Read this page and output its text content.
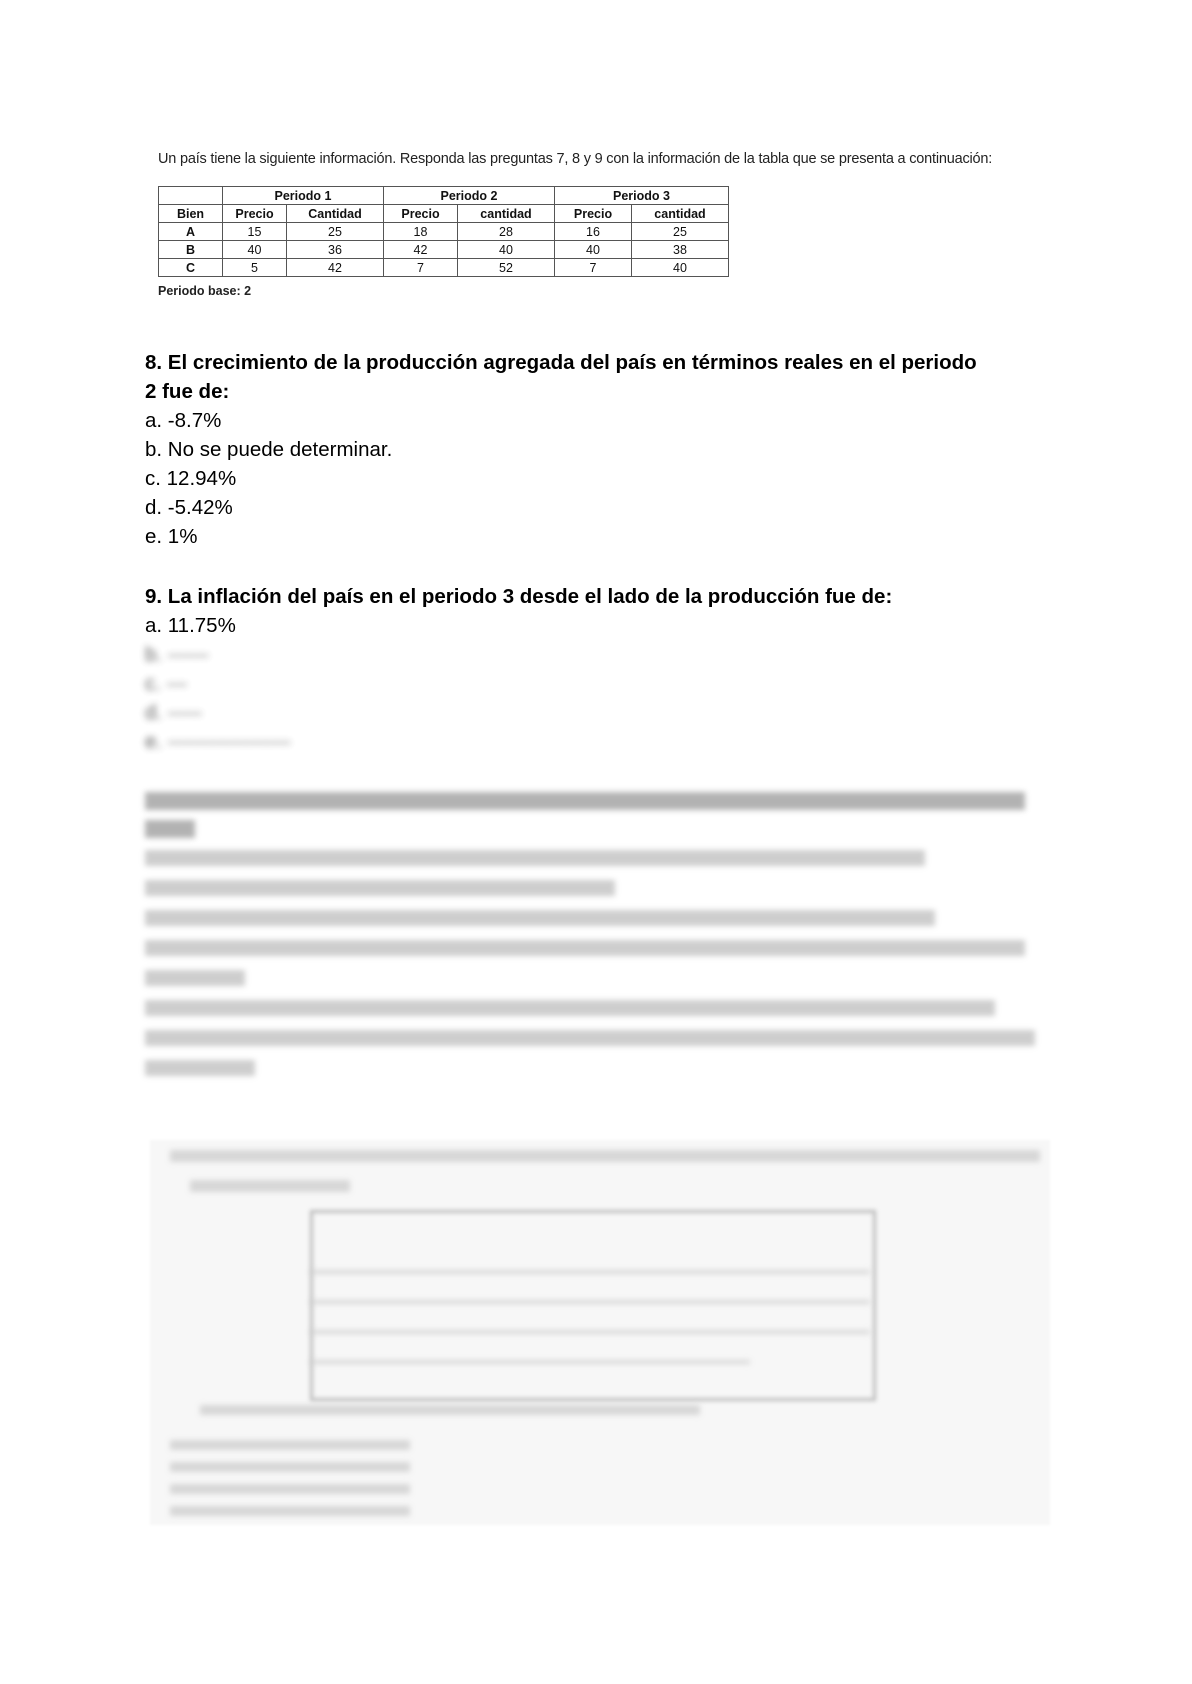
Un país tiene la siguiente información. Responda las preguntas 7, 8 y 9 con la información de la tabla que se presenta a continuación:
	Periodo 1		Periodo 2		Periodo 3	
Bien	Precio	Cantidad	Precio	cantidad	Precio	cantidad
A	15	25	18	28	16	25
B	40	36	42	40	40	38
C	5	42	7	52	7	40
Periodo base: 2
8. El crecimiento de la producción agregada del país en términos reales en el periodo
2 fue de:
a. -8.7%
b. No se puede determinar.
c. 12.94%
d. -5.42%
e. 1%
9. La inflación del país en el periodo 3 desde el lado de la producción fue de:
a. 11.75%
b. ------
c. ---
d. -----
e. ------------------
